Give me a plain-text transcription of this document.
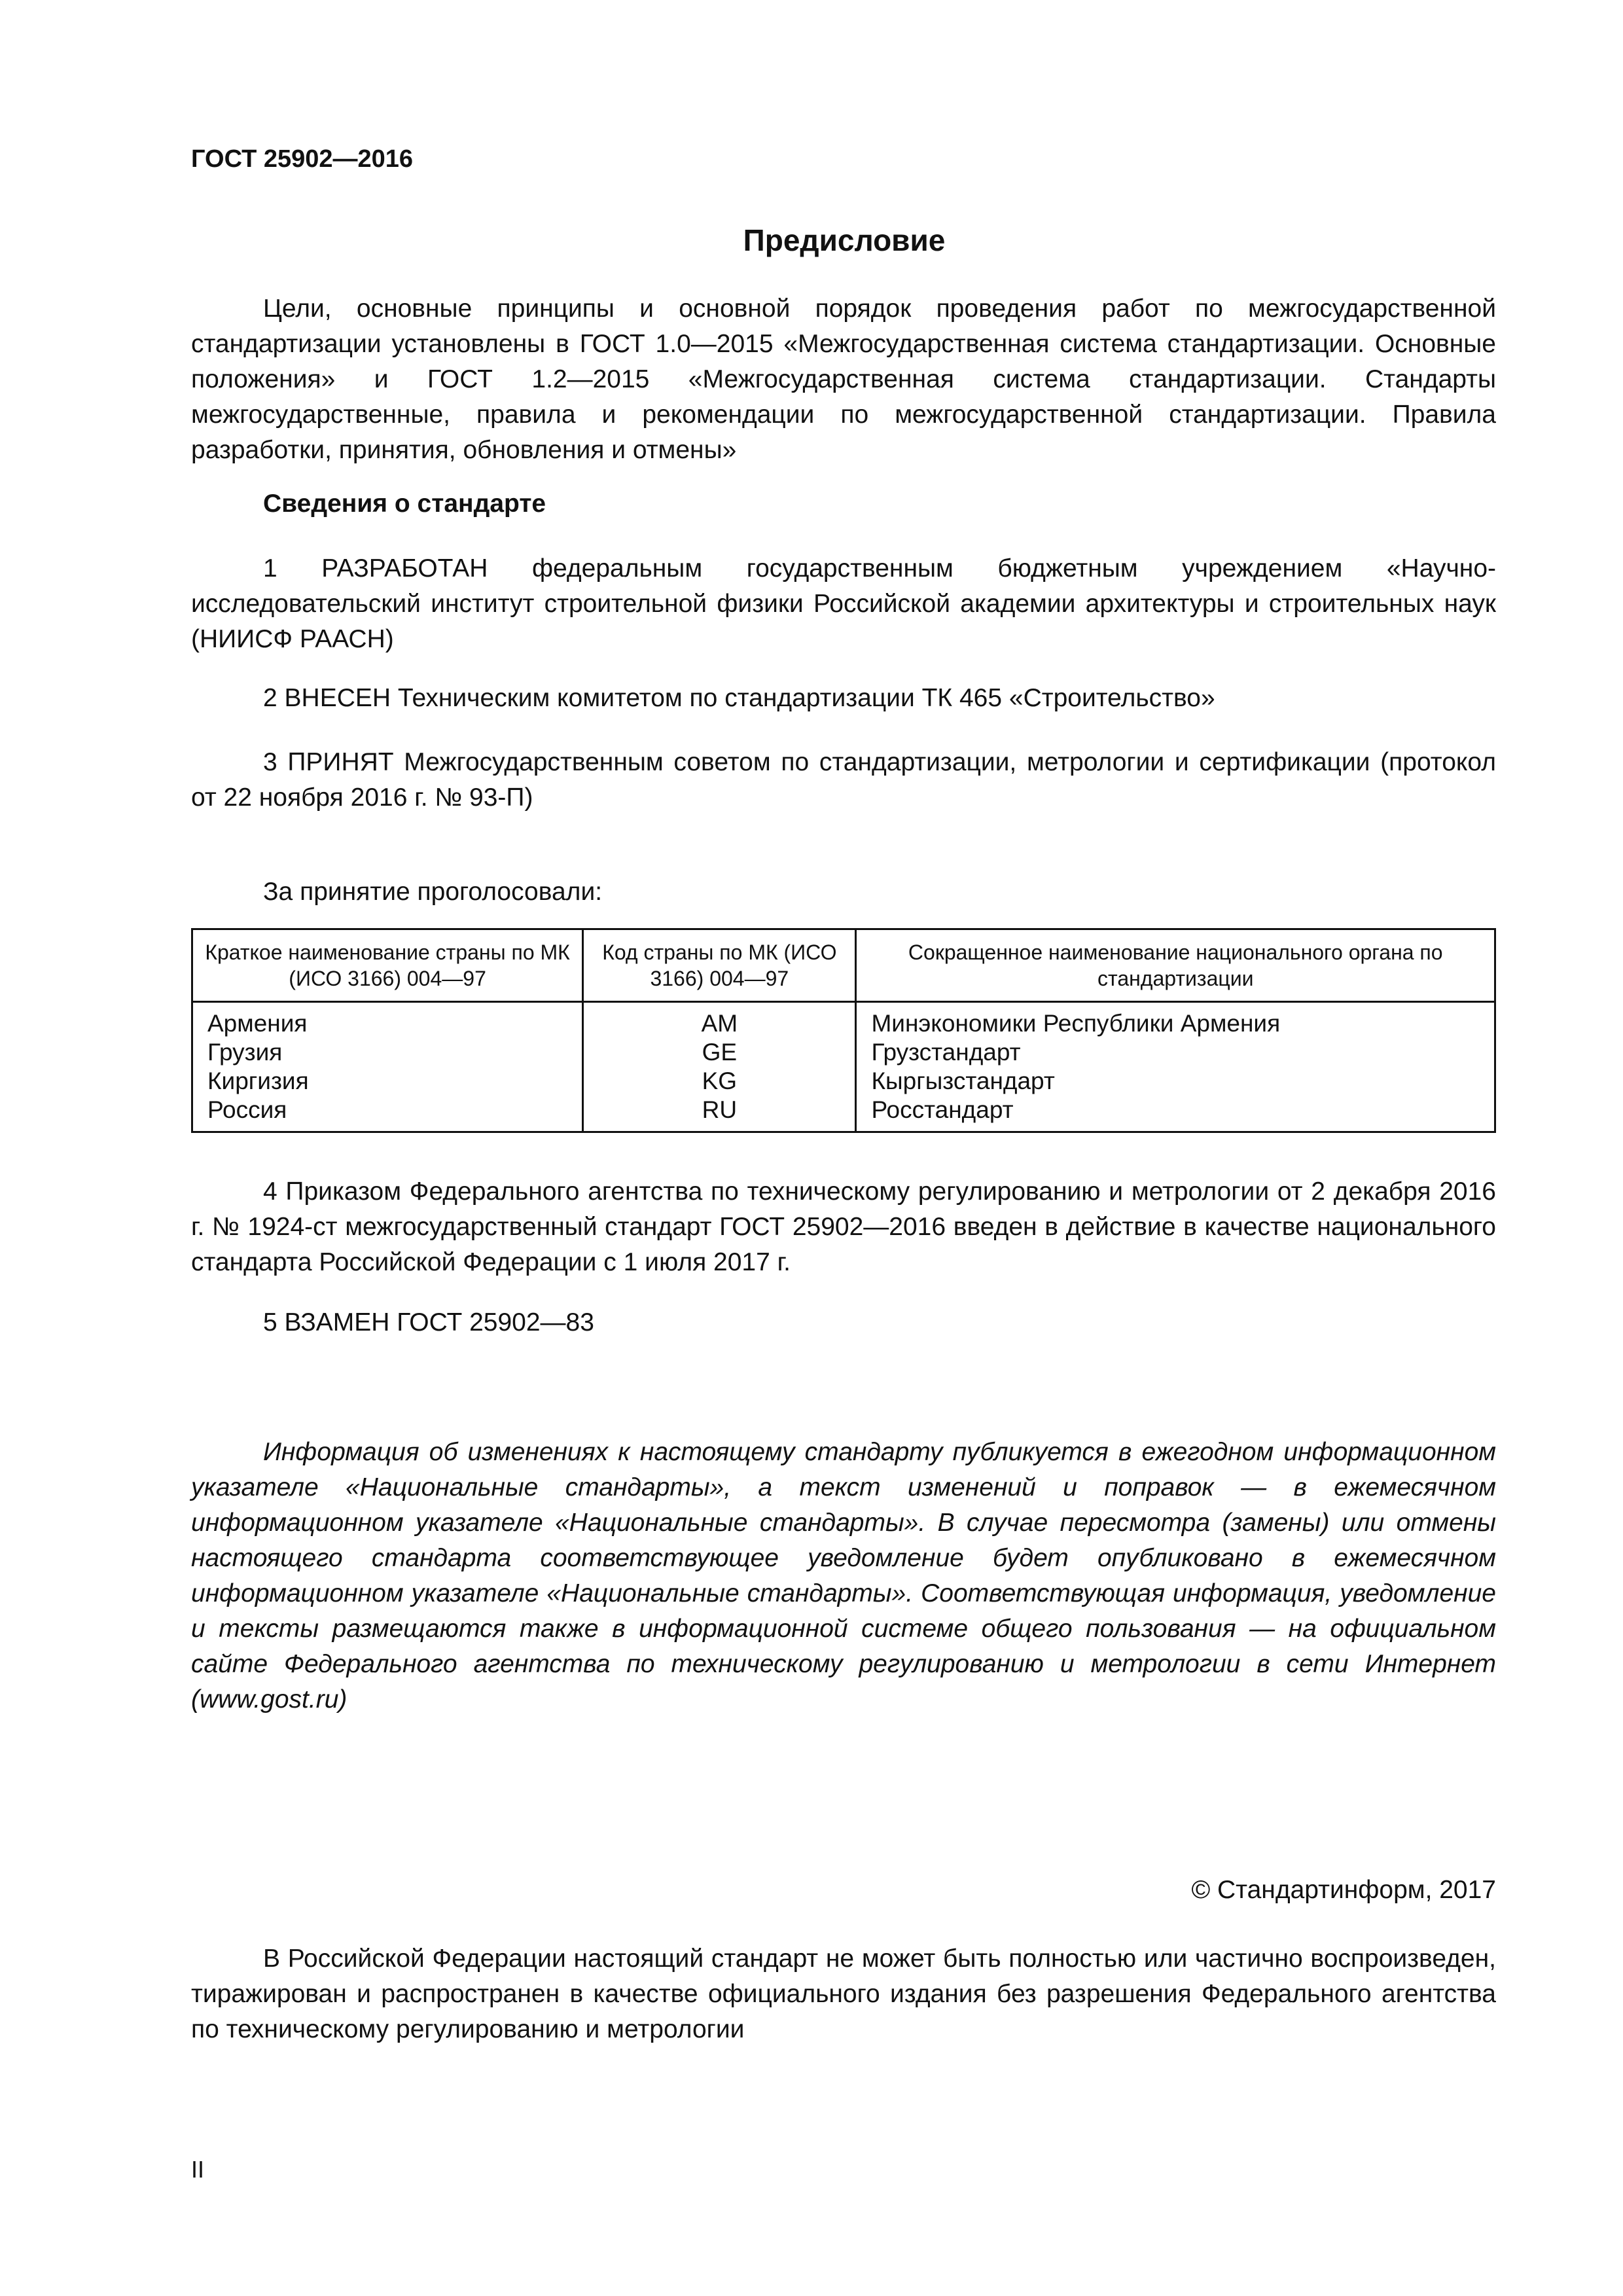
ГОСТ 25902—2016
Предисловие

Цели, основные принципы и основной порядок проведения работ по межгосударственной стандартизации установлены в ГОСТ 1.0—2015 «Межгосударственная система стандартизации. Основные положения» и ГОСТ 1.2—2015 «Межгосударственная система стандартизации. Стандарты межгосударственные, правила и рекомендации по межгосударственной стандартизации. Правила разработки, принятия, обновления и отмены»

Сведения о стандарте

1 РАЗРАБОТАН федеральным государственным бюджетным учреждением «Научно-исследовательский институт строительной физики Российской академии архитектуры и строительных наук (НИИСФ РААСН)

2 ВНЕСЕН Техническим комитетом по стандартизации ТК 465 «Строительство»

3 ПРИНЯТ Межгосударственным советом по стандартизации, метрологии и сертификации (протокол от 22 ноября 2016 г. № 93-П)

За принятие проголосовали:
Краткое наименование страны по МК (ИСО 3166) 004—97	Код страны по МК (ИСО 3166) 004—97	Сокращенное наименование национального органа по стандартизации
Армения	AM	Минэкономики Республики Армения
Грузия	GE	Грузстандарт
Киргизия	KG	Кыргызстандарт
Россия	RU	Росстандарт

4 Приказом Федерального агентства по техническому регулированию и метрологии от 2 декабря 2016 г. № 1924-ст межгосударственный стандарт ГОСТ 25902—2016 введен в действие в качестве национального стандарта Российской Федерации с 1 июля 2017 г.

5 ВЗАМЕН ГОСТ 25902—83

Информация об изменениях к настоящему стандарту публикуется в ежегодном информационном указателе «Национальные стандарты», а текст изменений и поправок — в ежемесячном информационном указателе «Национальные стандарты». В случае пересмотра (замены) или отмены настоящего стандарта соответствующее уведомление будет опубликовано в ежемесячном информационном указателе «Национальные стандарты». Соответствующая информация, уведомление и тексты размещаются также в информационной системе общего пользования — на официальном сайте Федерального агентства по техническому регулированию и метрологии в сети Интернет (www.gost.ru)

© Стандартинформ, 2017

В Российской Федерации настоящий стандарт не может быть полностью или частично воспроизведен, тиражирован и распространен в качестве официального издания без разрешения Федерального агентства по техническому регулированию и метрологии

II
